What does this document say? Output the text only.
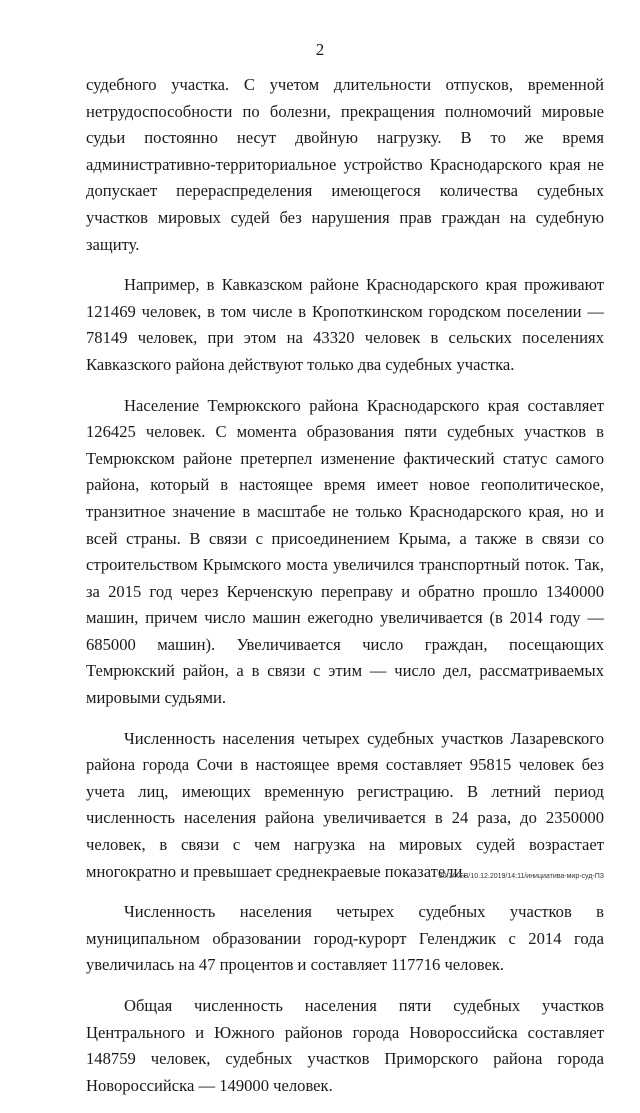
2

судебного участка. С учетом длительности отпусков, временной нетрудоспособности по болезни, прекращения полномочий мировые судьи постоянно несут двойную нагрузку. В то же время административно-территориальное устройство Краснодарского края не допускает перераспределения имеющегося количества судебных участков мировых судей без нарушения прав граждан на судебную защиту.

Например, в Кавказском районе Краснодарского края проживают 121469 человек, в том числе в Кропоткинском городском поселении — 78149 человек, при этом на 43320 человек в сельских поселениях Кавказского района действуют только два судебных участка.

Население Темрюкского района Краснодарского края составляет 126425 человек. С момента образования пяти судебных участков в Темрюкском районе претерпел изменение фактический статус самого района, который в настоящее время имеет новое геополитическое, транзитное значение в масштабе не только Краснодарского края, но и всей страны. В связи с присоединением Крыма, а также в связи со строительством Крымского моста увеличился транспортный поток. Так, за 2015 год через Керченскую переправу и обратно прошло 1340000 машин, причем число машин ежегодно увеличивается (в 2014 году — 685000 машин). Увеличивается число граждан, посещающих Темрюкский район, а в связи с этим — число дел, рассматриваемых мировыми судьями.

Численность населения четырех судебных участков Лазаревского района города Сочи в настоящее время составляет 95815 человек без учета лиц, имеющих временную регистрацию. В летний период численность населения района увеличивается в 24 раза, до 2350000 человек, в связи с чем нагрузка на мировых судей возрастает многократно и превышает среднекраевые показатели.

Численность населения четырех судебных участков в муниципальном образовании город-курорт Геленджик с 2014 года увеличилась на 47 процентов и составляет 117716 человек.

Общая численность населения пяти судебных участков Центрального и Южного районов города Новороссийска составляет 148759 человек, судебных участков Приморского района города Новороссийска — 149000 человек.

20.3/ХЕВ/10.12.2019/14:11/инициатива-мир-суд-ПЗ
